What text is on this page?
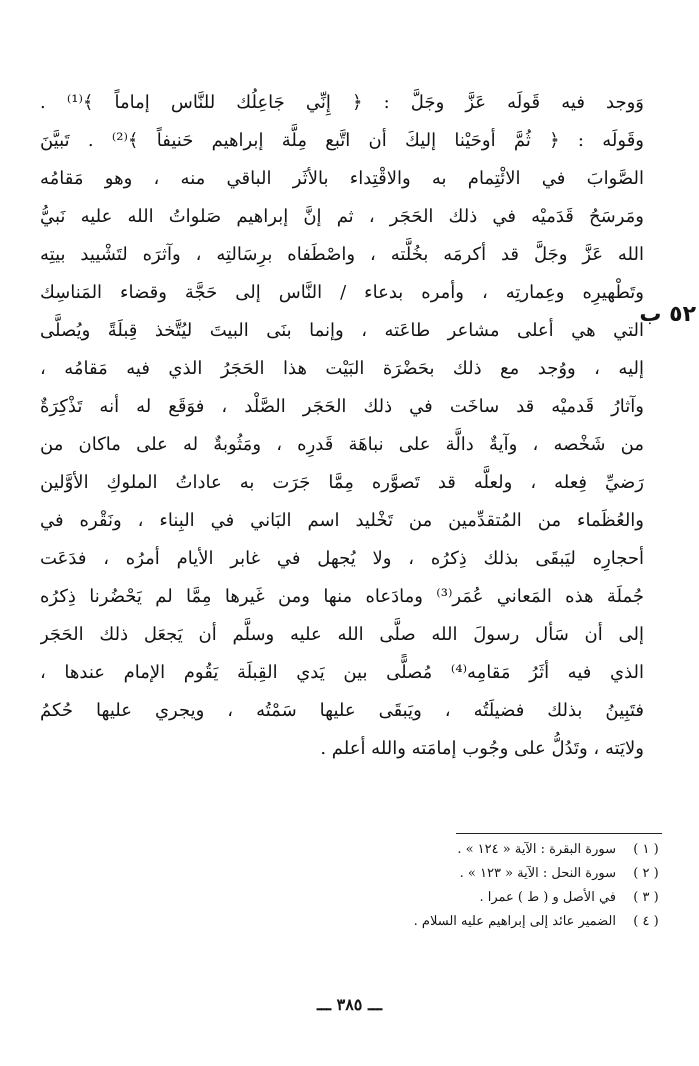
وَوجد فيه قَولَه عَزَّ وجَلَّ : ﴿ إِنِّي جَاعِلُك للنَّاس إماماً ﴾⁽¹⁾ .
وقَولَه : ﴿ ثُمَّ أوحَيْنا إليكَ أن اتَّبع مِلَّة إبراهيم حَنيفاً ﴾⁽²⁾ . تَبيَّنَ
الصَّوابَ في الائْتِمام به والاقْتِداء بالأثَر الباقي منه ، وهو مَقامُه
ومَرسَحُ قَدَميْه في ذلك الحَجَر ، ثم إنَّ إبراهيم صَلواتُ الله عليه نَبيُّ
الله عَزَّ وجَلَّ قد أكرمَه بخُلَّته ، واصْطَفاه برِسَالتِه ، وآثرَه لتَشْييد بيتِه
وتَطْهيرِه وعِمارتِه ، وأمره بدعاء / النَّاس إلى حَجَّة وقضاء المَناسِك
التي هي أعلى مشاعر طاعَته ، وإنما بنَى البيتَ ليُتَّخذ قِبلَةً ويُصلَّى
إليه ، ووُجد مع ذلك بحَضْرَة البَيْت هذا الحَجَرُ الذي فيه مَقامُه ،
وآثارُ قَدميْه قد ساخَت في ذلك الحَجَر الصَّلْد ، فوَقَع له أنه تَذْكِرَةٌ
من شَخْصه ، وآيةٌ دالَّة على نباهَة قَدرِه ، ومَثُوبةٌ له على ماكان من
رَضيِّ فِعله ، ولعلَّه قد تَصوَّره مِمَّا جَرَت به عاداتُ الملوكِ الأوَّلين
والعُظَماء من المُتقدِّمين من تَخْليد اسم البَاني في البِناء ، ونَقْره في
أحجارِه ليَبقَى بذلك ذِكرُه ، ولا يُجهل في غابر الأيام أمرُه ، فدَعَت
جُملَة هذه المَعاني عُمَر⁽³⁾ ومادَعاه منها ومن غَيرها مِمَّا لم يَحْضُرنا ذِكرُه
إلى أن سَأل رسولَ الله صلَّى الله عليه وسلَّم أن يَجعَل ذلك الحَجَر
الذي فيه أثَرُ مَقامِه⁽⁴⁾ مُصلًّى بين يَدي القِبلَة يَقُوم الإمام عندها ،
فتَبِينُ بذلك فضيلَتُه ، ويَبقَى عليها سَمْتُه ، ويجري عليها حُكمُ
ولايَته ، وتَدُلُّ على وجُوب إمامَته والله أعلم .
٥٢ ب
( ١ )
سورة البقرة : الآية « ١٢٤ » .
( ٢ )
سورة النحل : الآية « ١٢٣ » .
( ٣ )
في الأصل و ( ط ) عمرا .
( ٤ )
الضمير عائد إلى إبراهيم عليه السلام .
ـــ ٣٨٥ ـــ
